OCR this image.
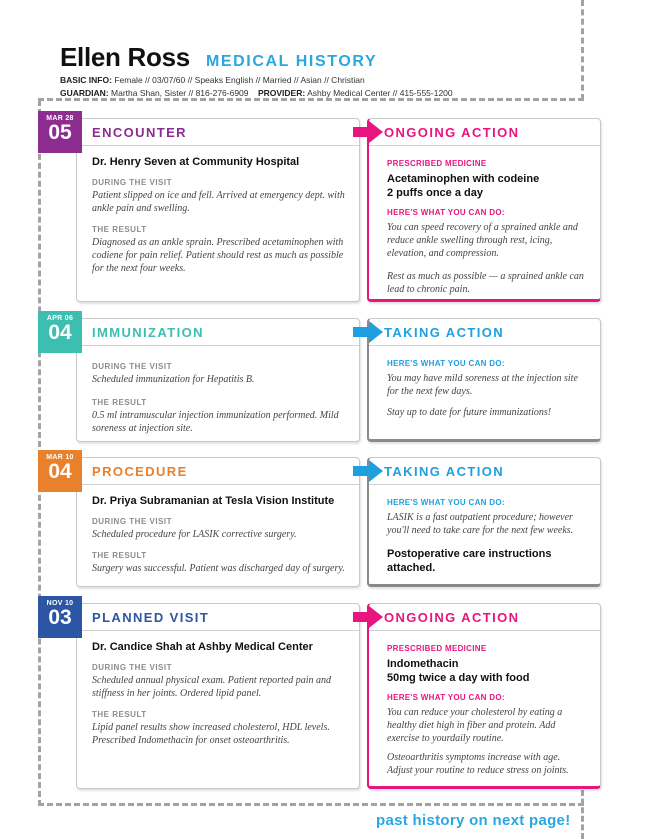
Ellen Ross MEDICAL HISTORY
BASIC INFO: Female // 03/07/60 // Speaks English // Married // Asian // Christian
GUARDIAN: Martha Shan, Sister // 816-276-6909 PROVIDER: Ashby Medical Center // 415-555-1200
MAR 28
05	ENCOUNTER
Dr. Henry Seven at Community Hospital
DURING THE VISIT
Patient slipped on ice and fell. Arrived at emergency dept. with ankle pain and swelling.
THE RESULT
Diagnosed as an ankle sprain. Prescribed acetaminophen with codiene for pain relief. Patient should rest as much as possible for the next four weeks.
ONGOING ACTION
PRESCRIBED MEDICINE
Acetaminophen with codeine
2 puffs once a day
HERE'S WHAT YOU CAN DO:
You can speed recovery of a sprained ankle and reduce ankle swelling through rest, icing, elevation, and compression.
Rest as much as possible — a sprained ankle can lead to chronic pain.
APR 06
04	IMMUNIZATION
DURING THE VISIT
Scheduled immunization for Hepatitis B.
THE RESULT
0.5 ml intramuscular injection immunization performed. Mild soreness at injection site.
TAKING ACTION
HERE'S WHAT YOU CAN DO:
You may have mild soreness at the injection site for the next few days.
Stay up to date for future immunizations!
MAR 10
04	PROCEDURE
Dr. Priya Subramanian at Tesla Vision Institute
DURING THE VISIT
Scheduled procedure for LASIK corrective surgery.
THE RESULT
Surgery was successful. Patient was discharged day of surgery.
TAKING ACTION
HERE'S WHAT YOU CAN DO:
LASIK is a fast outpatient procedure; however you'll need to take care for the next few weeks.
Postoperative care instructions attached.
NOV 10
03	PLANNED VISIT
Dr. Candice Shah at Ashby Medical Center
DURING THE VISIT
Scheduled annual physical exam. Patient reported pain and stiffness in her joints. Ordered lipid panel.
THE RESULT
Lipid panel results show increased cholesterol, HDL levels. Prescribed Indomethacin for onset osteoarthritis.
ONGOING ACTION
PRESCRIBED MEDICINE
Indomethacin
50mg twice a day with food
HERE'S WHAT YOU CAN DO:
You can reduce your cholesterol by eating a healthy diet high in fiber and protein. Add exercise to yourdaily routine.
Osteoarthritis symptoms increase with age. Adjust your routine to reduce stress on joints.
past history on next page!
